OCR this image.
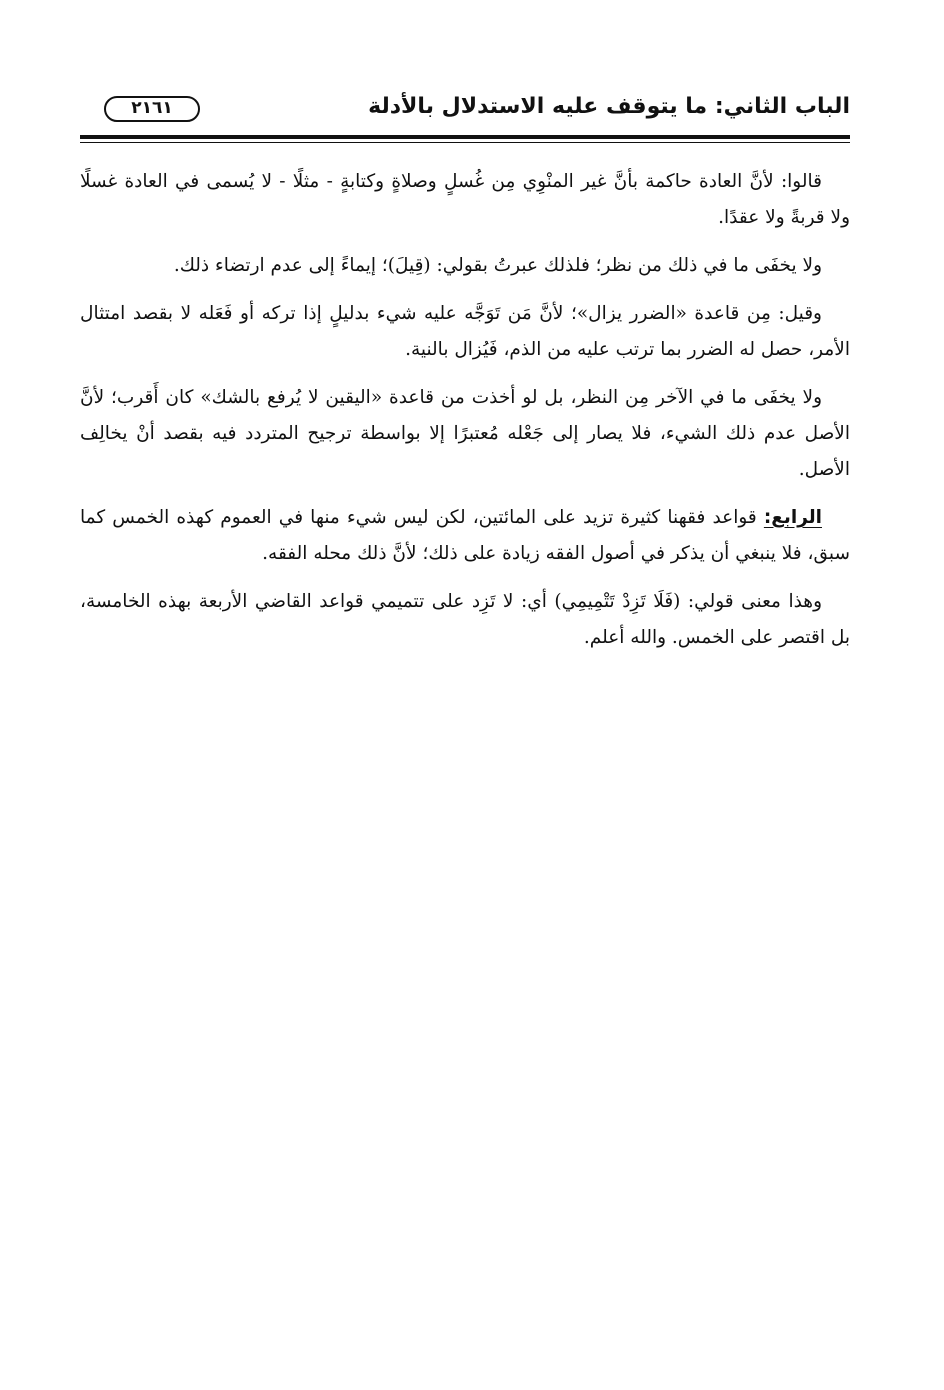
الباب الثاني: ما يتوقف عليه الاستدلال بالأدلة
٢١٦١

قالوا: لأنَّ العادة حاكمة بأنَّ غير المنْوِي مِن غُسلٍ وصلاةٍ وكتابةٍ - مثلًا - لا يُسمى في العادة غسلًا ولا قربةً ولا عقدًا.

ولا يخفَى ما في ذلك من نظر؛ فلذلك عبرتُ بقولي: (قِيلَ)؛ إيماءً إلى عدم ارتضاء ذلك.

وقيل: مِن قاعدة «الضرر يزال»؛ لأنَّ مَن تَوَجَّه عليه شيء بدليلٍ إذا تركه أو فَعَله لا بقصد امتثال الأمر، حصل له الضرر بما ترتب عليه من الذم، فَيُزال بالنية.

ولا يخفَى ما في الآخر مِن النظر، بل لو أخذت من قاعدة «اليقين لا يُرفع بالشك» كان أَقرب؛ لأنَّ الأصل عدم ذلك الشيء، فلا يصار إلى جَعْله مُعتبرًا إلا بواسطة ترجيح المتردد فيه بقصد أنْ يخالِف الأصل.

الرابع: قواعد فقهنا كثيرة تزيد على المائتين، لكن ليس شيء منها في العموم كهذه الخمس كما سبق، فلا ينبغي أن يذكر في أصول الفقه زيادة على ذلك؛ لأنَّ ذلك محله الفقه.

وهذا معنى قولي: (فَلَا تَزِدْ تَتْمِيمِي) أي: لا تَزِد على تتميمي قواعد القاضي الأربعة بهذه الخامسة، بل اقتصر على الخمس. والله أعلم.
